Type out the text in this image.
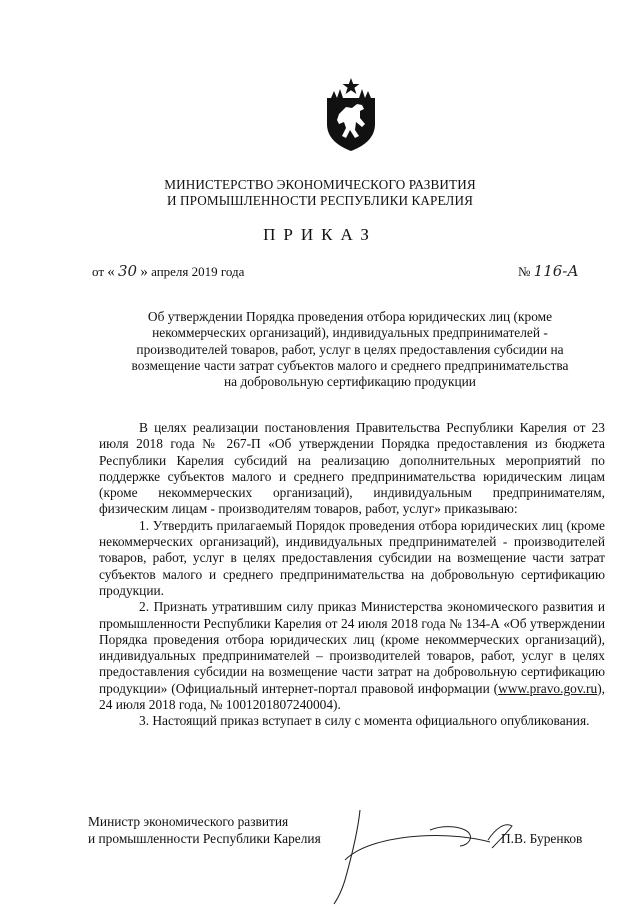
МИНИСТЕРСТВО ЭКОНОМИЧЕСКОГО РАЗВИТИЯ
И ПРОМЫШЛЕННОСТИ РЕСПУБЛИКИ КАРЕЛИЯ
ПРИКАЗ
от « 30 » апреля 2019 года	№ 116-А
Об утверждении Порядка проведения отбора юридических лиц (кроме
некоммерческих организаций), индивидуальных предпринимателей -
производителей товаров, работ, услуг в целях предоставления субсидии на
возмещение части затрат субъектов малого и среднего предпринимательства
на добровольную сертификацию продукции

В целях реализации постановления Правительства Республики Карелия от 23 июля 2018 года № 267-П «Об утверждении Порядка предоставления из бюджета Республики Карелия субсидий на реализацию дополнительных мероприятий по поддержке субъектов малого и среднего предпринимательства юридическим лицам (кроме некоммерческих организаций), индивидуальным предпринимателям, физическим лицам - производителям товаров, работ, услуг» приказываю:

1. Утвердить прилагаемый Порядок проведения отбора юридических лиц (кроме некоммерческих организаций), индивидуальных предпринимателей - производителей товаров, работ, услуг в целях предоставления субсидии на возмещение части затрат субъектов малого и среднего предпринимательства на добровольную сертификацию продукции.

2. Признать утратившим силу приказ Министерства экономического развития и промышленности Республики Карелия от 24 июля 2018 года № 134-А «Об утверждении Порядка проведения отбора юридических лиц (кроме некоммерческих организаций), индивидуальных предпринимателей – производителей товаров, работ, услуг в целях предоставления субсидии на возмещение части затрат на добровольную сертификацию продукции» (Официальный интернет-портал правовой информации (www.pravo.gov.ru), 24 июля 2018 года, № 1001201807240004).

3. Настоящий приказ вступает в силу с момента официального опубликования.

Министр экономического развития
и промышленности Республики Карелия	П.В. Буренков
